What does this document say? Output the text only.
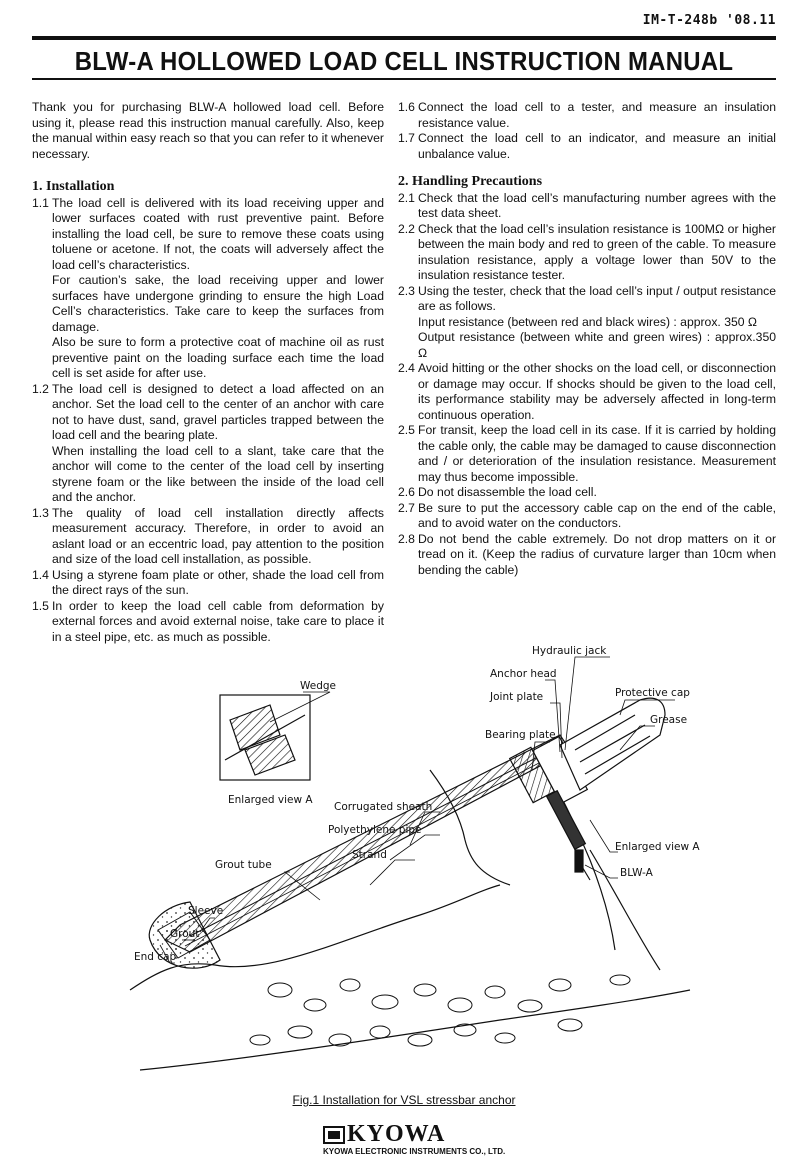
IM-T-248b '08.11
BLW-A HOLLOWED LOAD CELL INSTRUCTION MANUAL

Thank you for purchasing BLW-A hollowed load cell. Before using it, please read this instruction manual carefully. Also, keep the manual within easy reach so that you can refer to it whenever necessary.

1. Installation
1.1 The load cell is delivered with its load receiving upper and lower surfaces coated with rust preventive paint. Before installing the load cell, be sure to remove these coats using toluene or acetone. If not, the coats will adversely affect the load cell’s characteristics.

For caution’s sake, the load receiving upper and lower surfaces have undergone grinding to ensure the high Load Cell’s characteristics. Take care to keep the surfaces from damage.

Also be sure to form a protective coat of machine oil as rust preventive paint on the loading surface each time the load cell is set aside for after use.

1.2 The load cell is designed to detect a load affected on an anchor. Set the load cell to the center of an anchor with care not to have dust, sand, gravel particles trapped between the load cell and the bearing plate.

When installing the load cell to a slant, take care that the anchor will come to the center of the load cell by inserting styrene foam or the like between the inside of the load cell and the anchor.

1.3 The quality of load cell installation directly affects measurement accuracy. Therefore, in order to avoid an aslant load or an eccentric load, pay attention to the position and size of the load cell installation, as possible.

1.4 Using a styrene foam plate or other, shade the load cell from the direct rays of the sun.

1.5 In order to keep the load cell cable from deformation by external forces and avoid external noise, take care to place it in a steel pipe, etc. as much as possible.

1.6 Connect the load cell to a tester, and measure an insulation resistance value.

1.7 Connect the load cell to an indicator, and measure an initial unbalance value.

2. Handling Precautions
2.1 Check that the load cell’s manufacturing number agrees with the test data sheet.

2.2 Check that the load cell’s insulation resistance is 100MΩ or higher between the main body and red to green of the cable. To measure insulation resistance, apply a voltage lower than 50V to the insulation resistance tester.

2.3 Using the tester, check that the load cell’s input / output resistance are as follows.

Input resistance (between red and black wires) : approx. 350 Ω

Output resistance (between white and green wires) : approx.350 Ω

2.4 Avoid hitting or the other shocks on the load cell, or disconnection or damage may occur. If shocks should be given to the load cell, its performance stability may be adversely affected in long-term continuous operation.

2.5 For transit, keep the load cell in its case. If it is carried by holding the cable only, the cable may be damaged to cause disconnection and / or deterioration of the insulation resistance. Measurement may thus become impossible.

2.6 Do not disassemble the load cell.

2.7 Be sure to put the accessory cable cap on the end of the cable, and to avoid water on the conductors.

2.8 Do not bend the cable extremely. Do not drop matters on it or tread on it. (Keep the radius of curvature larger than 10cm when bending the cable)

Wedge
Enlarged view A
Hydraulic jack
Anchor head
Joint plate	Protective cap
Grease
Bearing plate
Corrugated sheath
Polyethylene pipe
Strand
Grout tube
Enlarged view A
BLW-A
Sleeve
Grout
End cap
Fig.1 Installation for VSL stressbar anchor
KYOWA
KYOWA ELECTRONIC INSTRUMENTS CO., LTD.
